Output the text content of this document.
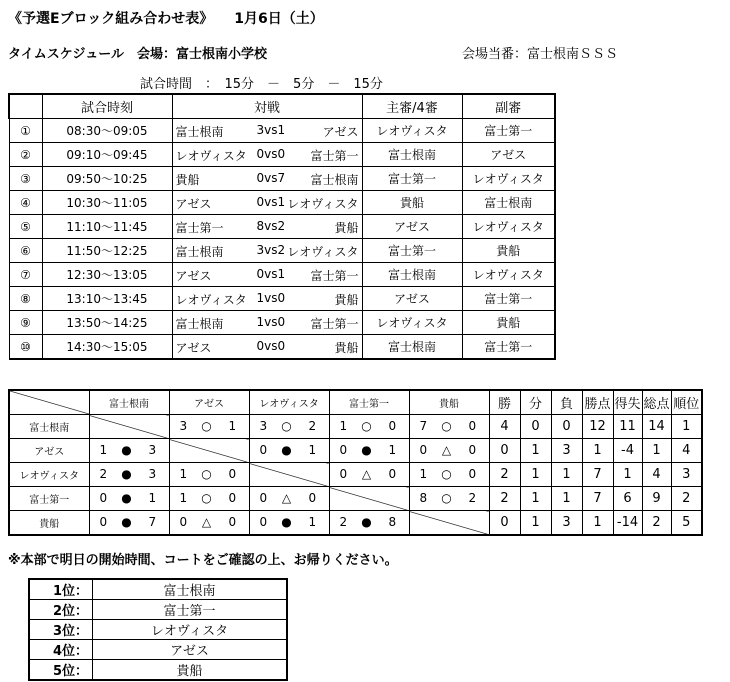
《予選Eブロック組み合わせ表》　　1月6日（土）
タイムスケジュール　会場：富士根南小学校	会場当番：富士根南ＳＳＳ
試合時間　：　15分　－　5分　－　15分
	試合時刻	対戦	主審/4審	副審
①	08:30～09:05	富士根南 3vs1 アゼス	レオヴィスタ	富士第一
②	09:10～09:45	レオヴィスタ 0vs0 富士第一	富士根南	アゼス
③	09:50～10:25	貴船 0vs7 富士根南	富士第一	レオヴィスタ
④	10:30～11:05	アゼス 0vs1 レオヴィスタ	貴船	富士根南
⑤	11:10～11:45	富士第一 8vs2 貴船	アゼス	レオヴィスタ
⑥	11:50～12:25	富士根南 3vs2 レオヴィスタ	富士第一	貴船
⑦	12:30～13:05	アゼス 0vs1 富士第一	富士根南	レオヴィスタ
⑧	13:10～13:45	レオヴィスタ 1vs0 貴船	アゼス	富士第一
⑨	13:50～14:25	富士根南 1vs0 富士第一	レオヴィスタ	貴船
⑩	14:30～15:05	アゼス 0vs0 貴船	富士根南	富士第一
	富士根南	アゼス	レオヴィスタ	富士第一	貴船	勝	分	負	勝点	得失	総点	順位
富士根南		3 ○ 1	3 ○ 2	1 ○ 0	7 ○ 0	4	0	0	12	11	14	1
アゼス	1 ● 3		0 ● 1	0 ● 1	0 △ 0	0	1	3	1	-4	1	4
レオヴィスタ	2 ● 3	1 ○ 0		0 △ 0	1 ○ 0	2	1	1	7	1	4	3
富士第一	0 ● 1	1 ○ 0	0 △ 0		8 ○ 2	2	1	1	7	6	9	2
貴船	0 ● 7	0 △ 0	0 ● 1	2 ● 8		0	1	3	1	-14	2	5
※本部で明日の開始時間、コートをご確認の上、お帰りください。
1位：	富士根南
2位：	富士第一
3位：	レオヴィスタ
4位：	アゼス
5位：	貴船
